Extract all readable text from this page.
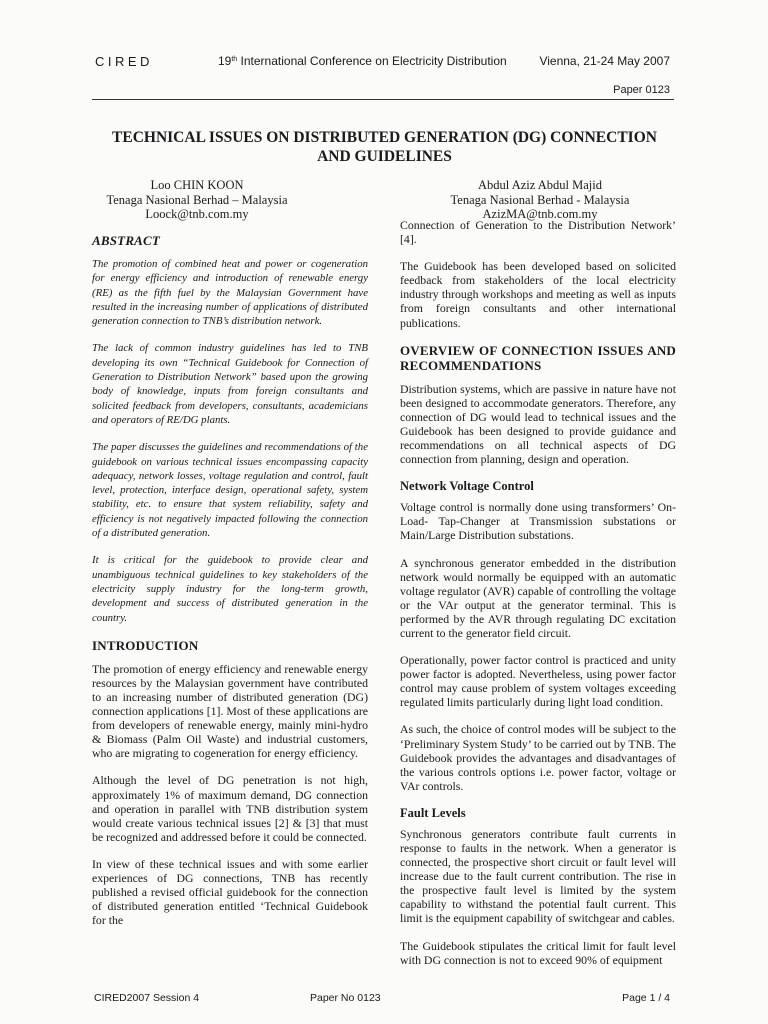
CIRED	19th International Conference on Electricity Distribution	Vienna, 21-24 May 2007
Paper 0123
TECHNICAL ISSUES ON DISTRIBUTED GENERATION (DG) CONNECTION AND GUIDELINES
Loo CHIN KOON
Tenaga Nasional Berhad – Malaysia
Loock@tnb.com.my
Abdul Aziz Abdul Majid
Tenaga Nasional Berhad - Malaysia
AzizMA@tnb.com.my
ABSTRACT

The promotion of combined heat and power or cogeneration for energy efficiency and introduction of renewable energy (RE) as the fifth fuel by the Malaysian Government have resulted in the increasing number of applications of distributed generation connection to TNB’s distribution network.

The lack of common industry guidelines has led to TNB developing its own “Technical Guidebook for Connection of Generation to Distribution Network” based upon the growing body of knowledge, inputs from foreign consultants and solicited feedback from developers, consultants, academicians and operators of RE/DG plants.

The paper discusses the guidelines and recommendations of the guidebook on various technical issues encompassing capacity adequacy, network losses, voltage regulation and control, fault level, protection, interface design, operational safety, system stability, etc. to ensure that system reliability, safety and efficiency is not negatively impacted following the connection of a distributed generation.

It is critical for the guidebook to provide clear and unambiguous technical guidelines to key stakeholders of the electricity supply industry for the long-term growth, development and success of distributed generation in the country.

INTRODUCTION

The promotion of energy efficiency and renewable energy resources by the Malaysian government have contributed to an increasing number of distributed generation (DG) connection applications [1]. Most of these applications are from developers of renewable energy, mainly mini-hydro & Biomass (Palm Oil Waste) and industrial customers, who are migrating to cogeneration for energy efficiency.

Although the level of DG penetration is not high, approximately 1% of maximum demand, DG connection and operation in parallel with TNB distribution system would create various technical issues [2] & [3] that must be recognized and addressed before it could be connected.

In view of these technical issues and with some earlier experiences of DG connections, TNB has recently published a revised official guidebook for the connection of distributed generation entitled ‘Technical Guidebook for the

Connection of Generation to the Distribution Network’ [4].

The Guidebook has been developed based on solicited feedback from stakeholders of the local electricity industry through workshops and meeting as well as inputs from foreign consultants and other international publications.

OVERVIEW OF CONNECTION ISSUES AND RECOMMENDATIONS

Distribution systems, which are passive in nature have not been designed to accommodate generators. Therefore, any connection of DG would lead to technical issues and the Guidebook has been designed to provide guidance and recommendations on all technical aspects of DG connection from planning, design and operation.

Network Voltage Control

Voltage control is normally done using transformers’ On-Load- Tap-Changer at Transmission substations or Main/Large Distribution substations.

A synchronous generator embedded in the distribution network would normally be equipped with an automatic voltage regulator (AVR) capable of controlling the voltage or the VAr output at the generator terminal. This is performed by the AVR through regulating DC excitation current to the generator field circuit.

Operationally, power factor control is practiced and unity power factor is adopted. Nevertheless, using power factor control may cause problem of system voltages exceeding regulated limits particularly during light load condition.

As such, the choice of control modes will be subject to the ‘Preliminary System Study’ to be carried out by TNB. The Guidebook provides the advantages and disadvantages of the various controls options i.e. power factor, voltage or VAr controls.

Fault Levels

Synchronous generators contribute fault currents in response to faults in the network. When a generator is connected, the prospective short circuit or fault level will increase due to the fault current contribution. The rise in the prospective fault level is limited by the system capability to withstand the potential fault current. This limit is the equipment capability of switchgear and cables.

The Guidebook stipulates the critical limit for fault level with DG connection is not to exceed 90% of equipment

CIRED2007 Session 4	Paper No 0123	Page 1 / 4
